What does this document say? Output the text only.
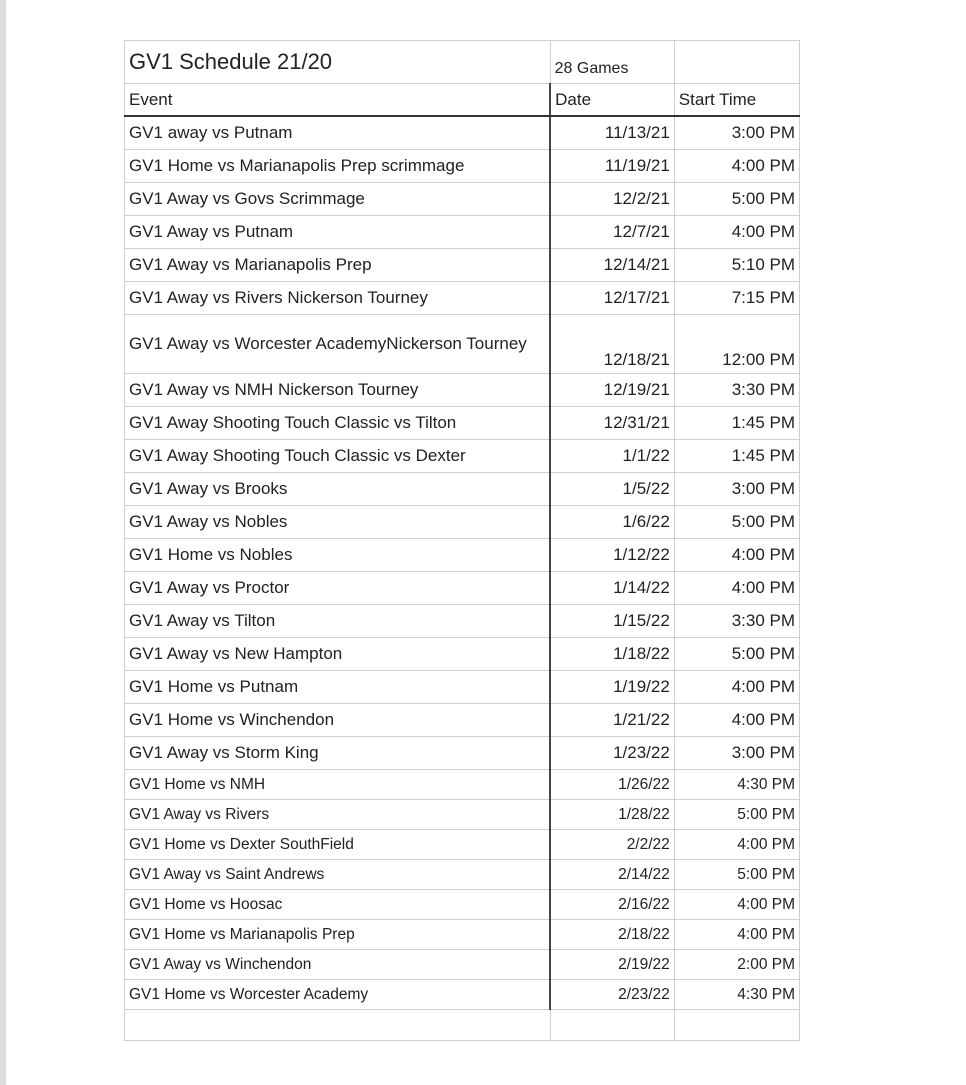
GV1 Schedule 21/20	28 Games	
Event	Date	Start Time
GV1 away vs Putnam	11/13/21	3:00 PM
GV1 Home vs Marianapolis Prep scrimmage	11/19/21	4:00 PM
GV1 Away vs Govs Scrimmage	12/2/21	5:00 PM
GV1 Away vs Putnam	12/7/21	4:00 PM
GV1 Away vs Marianapolis Prep	12/14/21	5:10 PM
GV1 Away vs Rivers Nickerson Tourney	12/17/21	7:15 PM
GV1 Away vs Worcester AcademyNickerson Tourney	12/18/21	12:00 PM
GV1 Away vs NMH Nickerson Tourney	12/19/21	3:30 PM
GV1 Away Shooting Touch Classic vs Tilton	12/31/21	1:45 PM
GV1 Away Shooting Touch Classic vs Dexter	1/1/22	1:45 PM
GV1 Away vs Brooks	1/5/22	3:00 PM
GV1 Away vs Nobles	1/6/22	5:00 PM
GV1 Home vs Nobles	1/12/22	4:00 PM
GV1 Away vs Proctor	1/14/22	4:00 PM
GV1 Away vs Tilton	1/15/22	3:30 PM
GV1 Away vs New Hampton	1/18/22	5:00 PM
GV1 Home vs Putnam	1/19/22	4:00 PM
GV1 Home vs Winchendon	1/21/22	4:00 PM
GV1 Away vs Storm King	1/23/22	3:00 PM
GV1 Home vs NMH	1/26/22	4:30 PM
GV1 Away vs Rivers	1/28/22	5:00 PM
GV1 Home vs Dexter SouthField	2/2/22	4:00 PM
GV1 Away vs Saint Andrews	2/14/22	5:00 PM
GV1 Home vs Hoosac	2/16/22	4:00 PM
GV1 Home vs Marianapolis Prep	2/18/22	4:00 PM
GV1 Away vs Winchendon	2/19/22	2:00 PM
GV1 Home vs Worcester Academy	2/23/22	4:30 PM
